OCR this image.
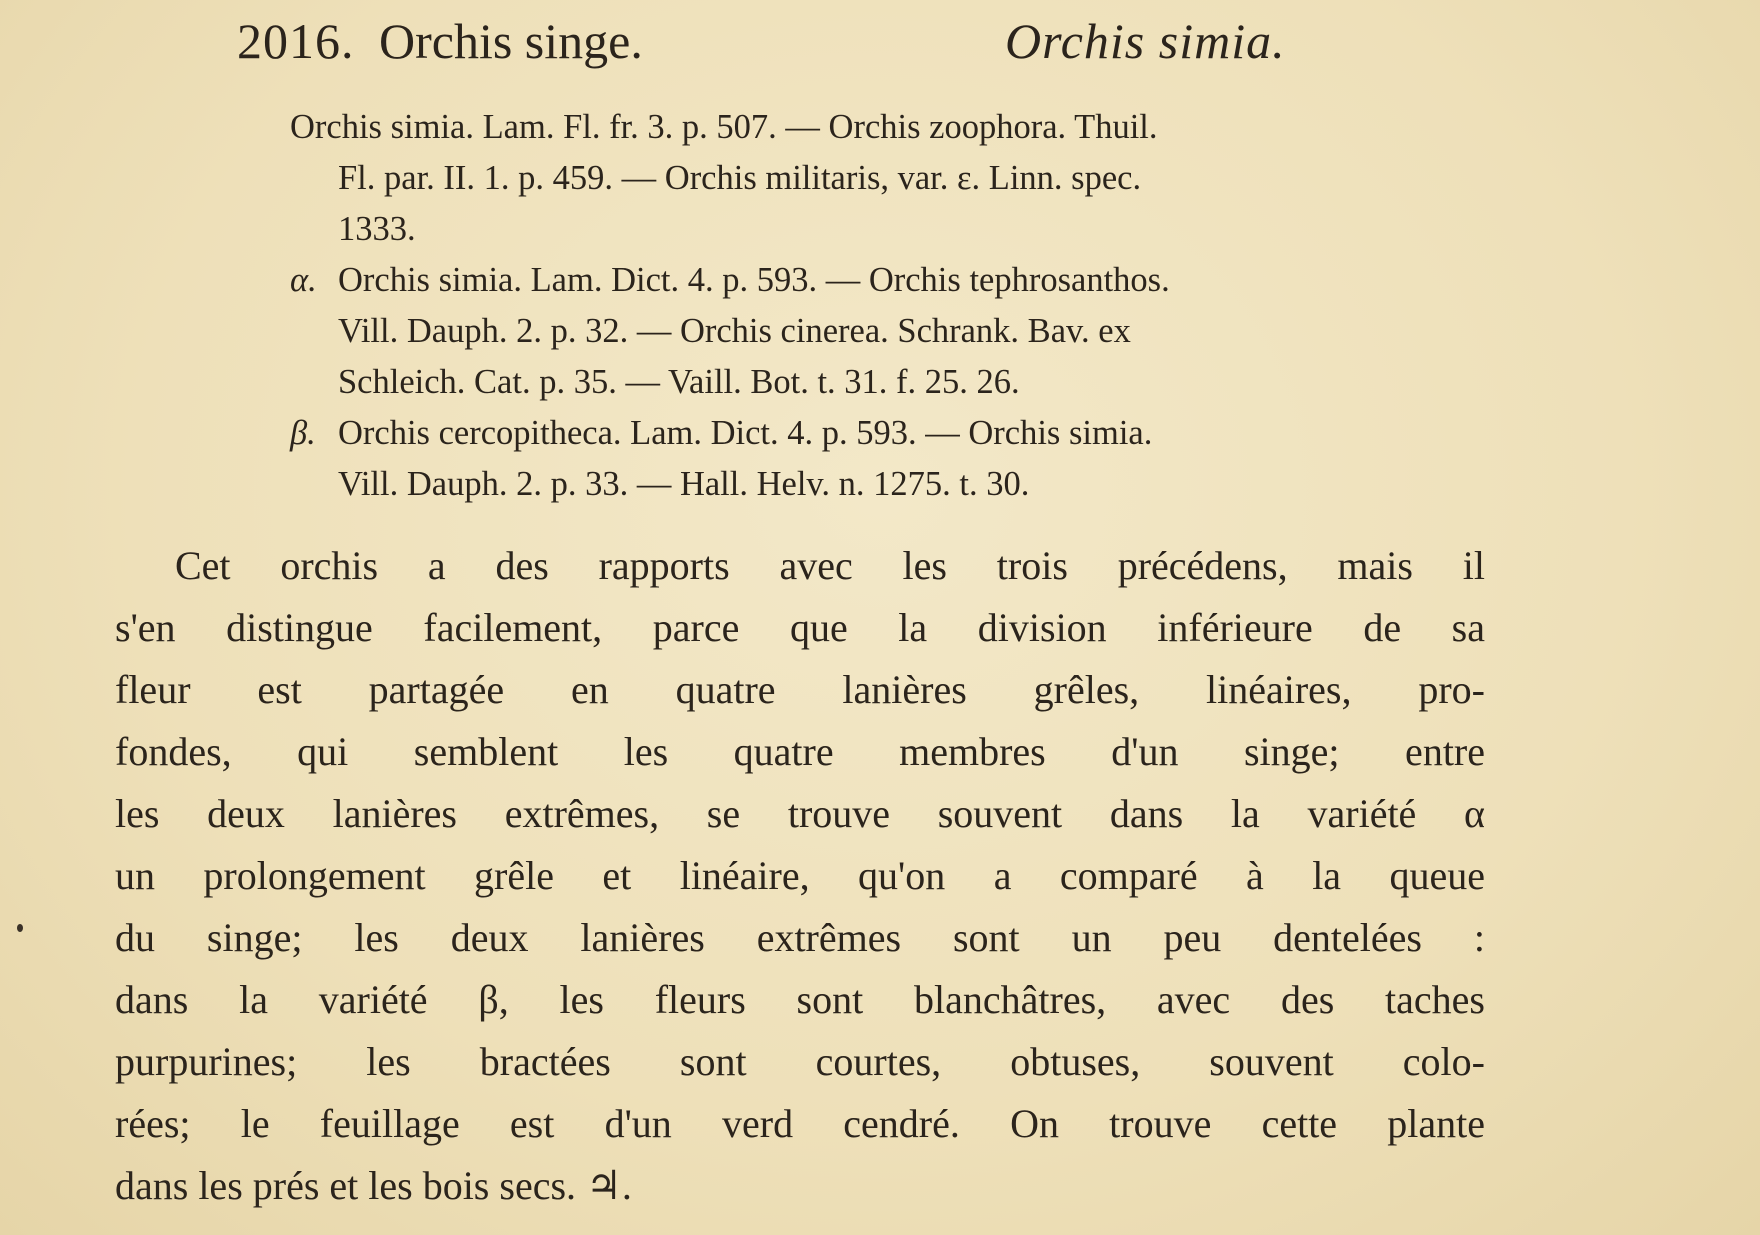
2016. Orchis singe.	Orchis simia.
Orchis simia. Lam. Fl. fr. 3. p. 507. — Orchis zoophora. Thuil.
Fl. par. II. 1. p. 459. — Orchis militaris, var. ε. Linn. spec.
1333.
α. Orchis simia. Lam. Dict. 4. p. 593. — Orchis tephrosanthos.
Vill. Dauph. 2. p. 32. — Orchis cinerea. Schrank. Bav. ex
Schleich. Cat. p. 35. — Vaill. Bot. t. 31. f. 25. 26.
β. Orchis cercopitheca. Lam. Dict. 4. p. 593. — Orchis simia.
Vill. Dauph. 2. p. 33. — Hall. Helv. n. 1275. t. 30.
Cet orchis a des rapports avec les trois précédens, mais il
s'en distingue facilement, parce que la division inférieure de sa
fleur est partagée en quatre lanières grêles, linéaires, pro-
fondes, qui semblent les quatre membres d'un singe; entre
les deux lanières extrêmes, se trouve souvent dans la variété α
un prolongement grêle et linéaire, qu'on a comparé à la queue
du singe; les deux lanières extrêmes sont un peu dentelées :
dans la variété β, les fleurs sont blanchâtres, avec des taches
purpurines; les bractées sont courtes, obtuses, souvent colo-
rées; le feuillage est d'un verd cendré. On trouve cette plante
dans les prés et les bois secs. ♃.
